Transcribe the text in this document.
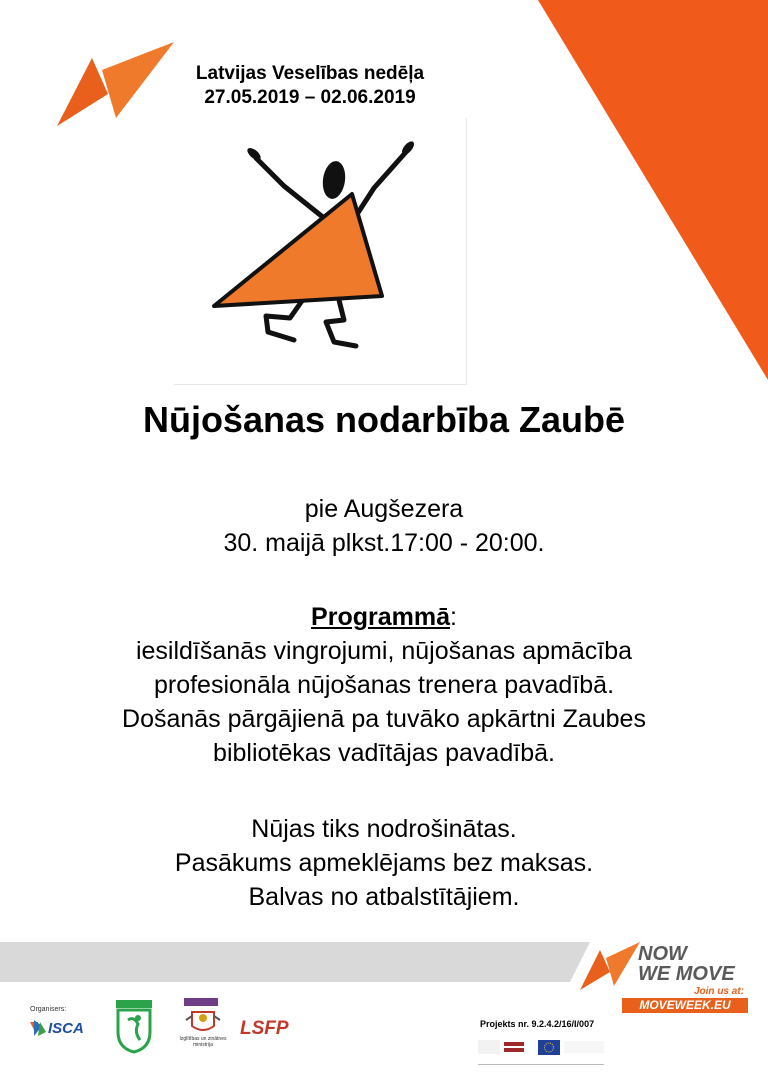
Latvijas Veselības nedēļa
27.05.2019 – 02.06.2019
Nūjošanas nodarbība Zaubē
pie Augšezera
30. maijā plkst.17:00 - 20:00.
Programmā:
iesildīšanās vingrojumi, nūjošanas apmācība
profesionāla nūjošanas trenera pavadībā.
Došanās pārgājienā pa tuvāko apkārtni Zaubes
bibliotēkas vadītājas pavadībā.
Nūjas tiks nodrošinātas.
Pasākums apmeklējams bez maksas.
Balvas no atbalstītājiem.
NOW
WE MOVE
Join us at:
MOVEWEEK.EU
Organisers:
ISCA
Izglītības un zinātnes ministrija
LSFP	Projekts nr. 9.2.4.2/16/I/007
